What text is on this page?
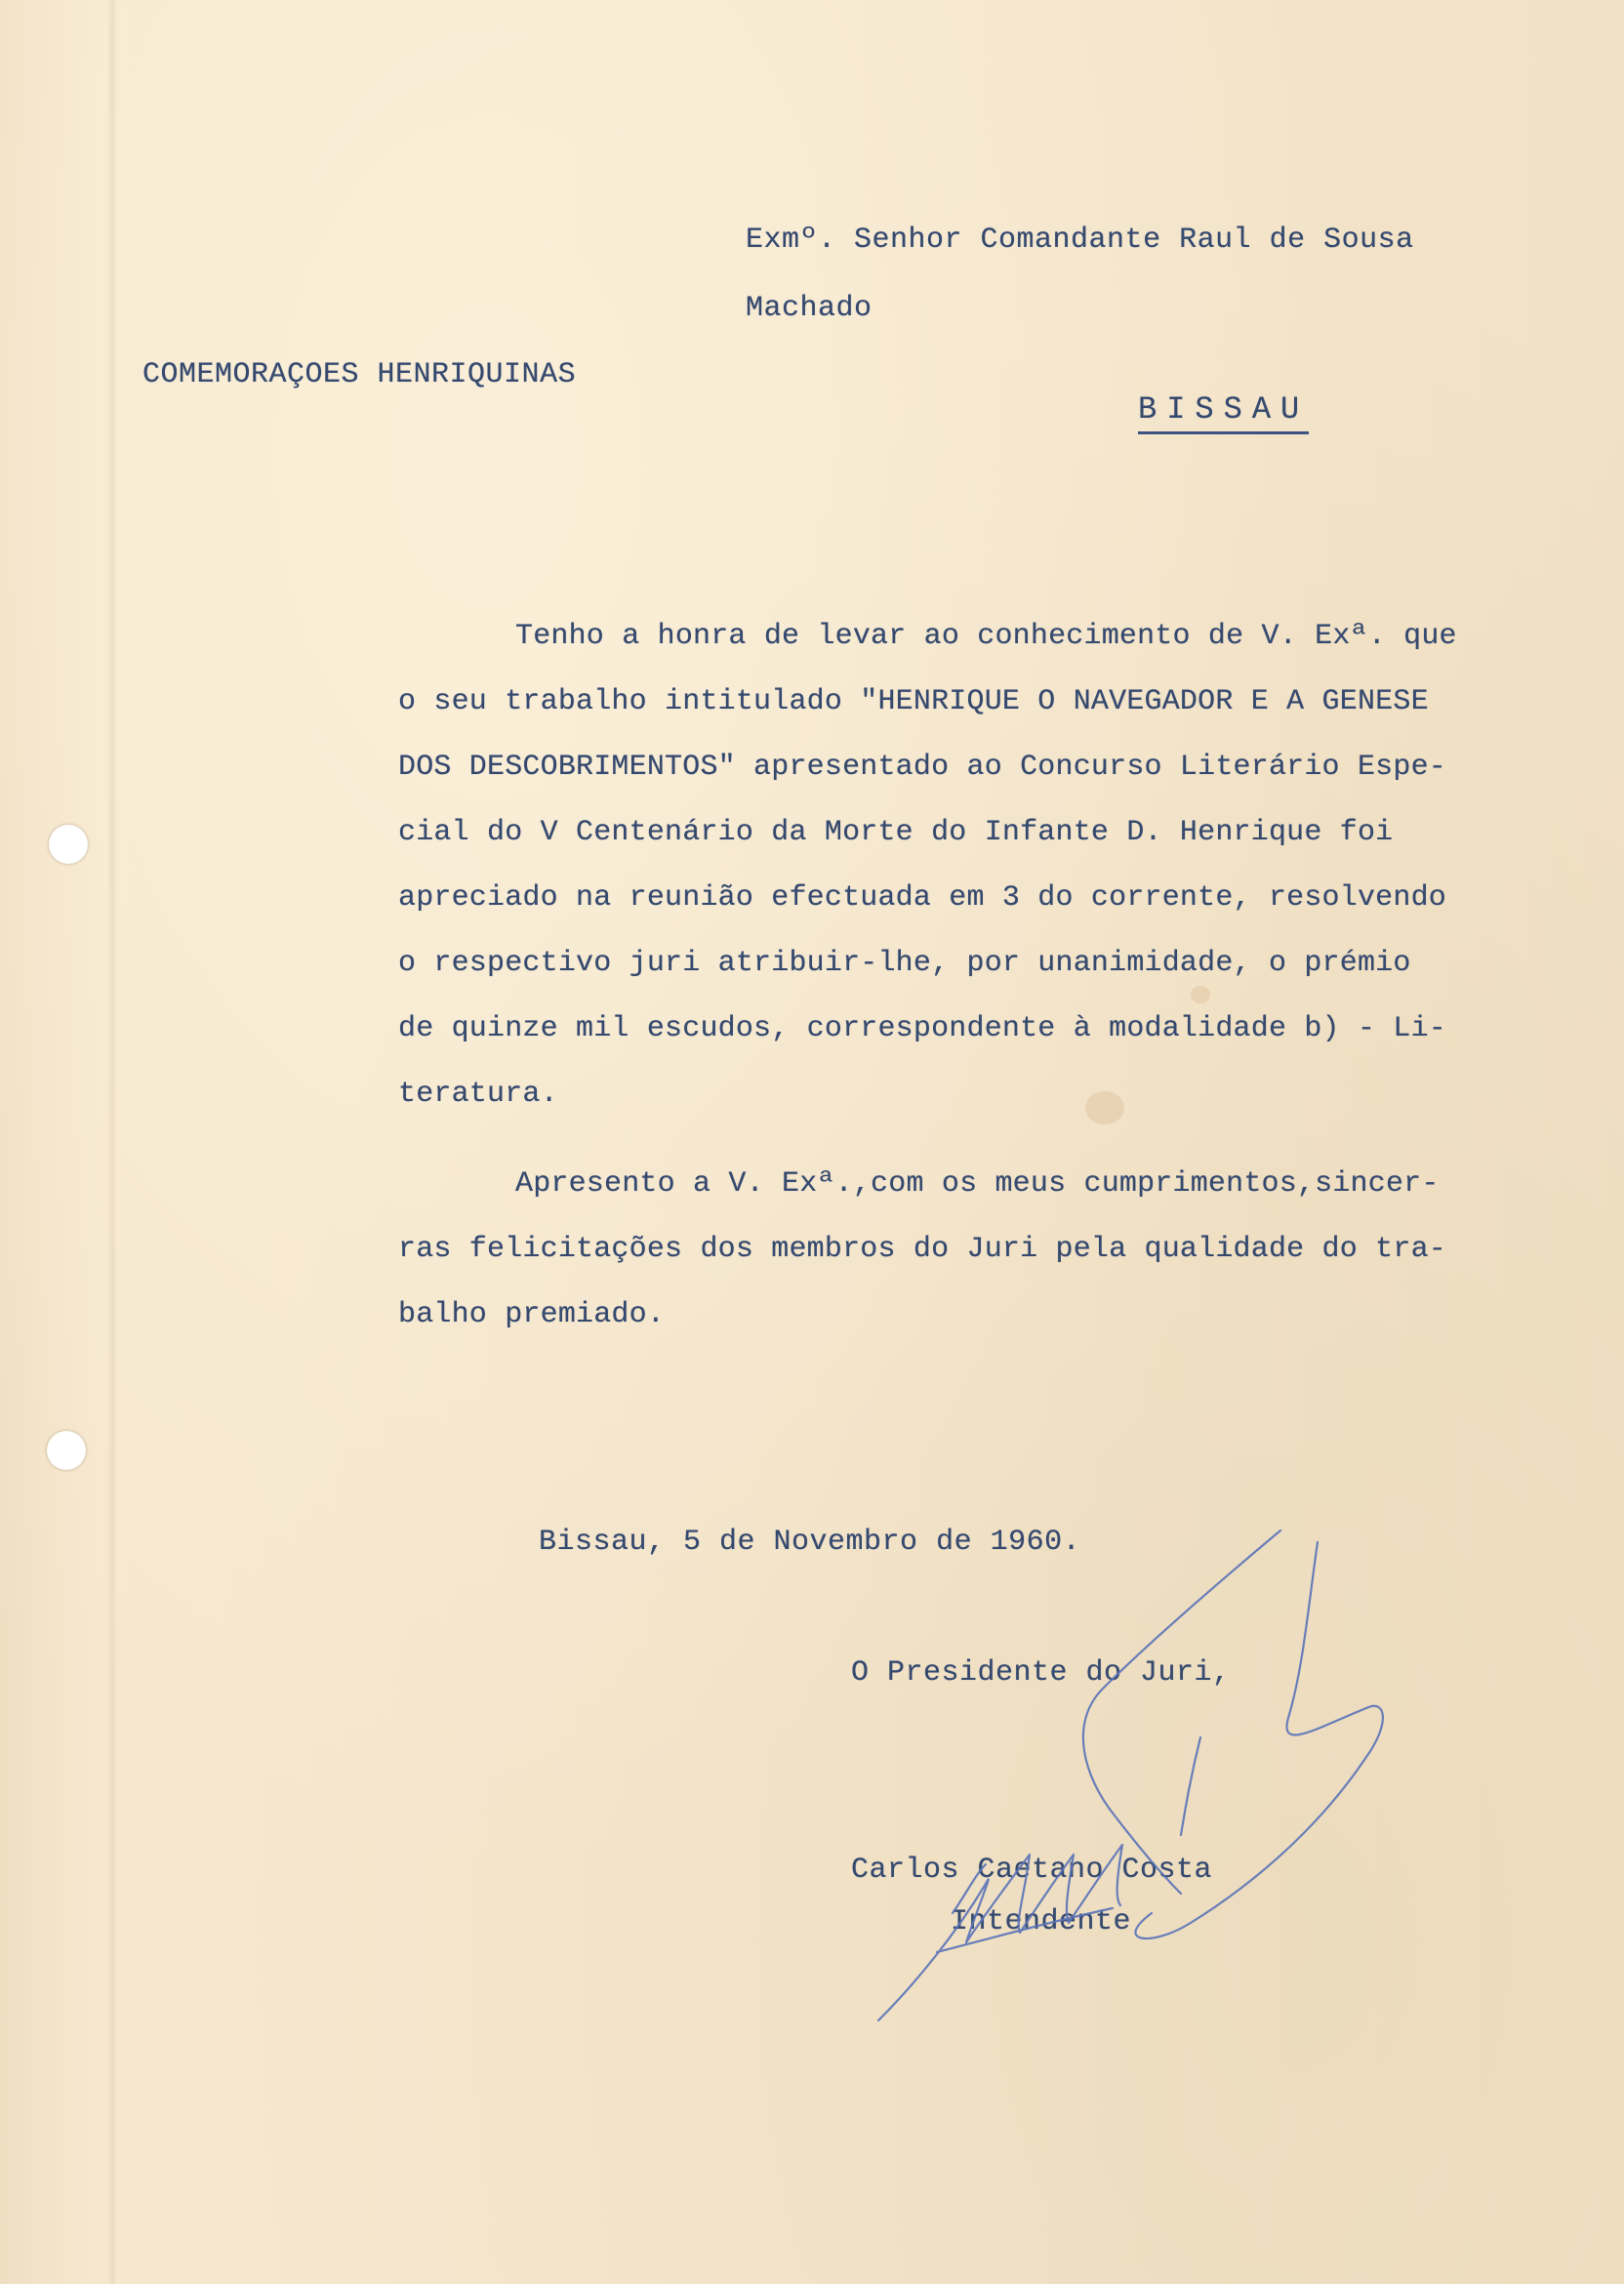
Exmº. Senhor Comandante Raul de Sousa
Machado
COMEMORAÇOES HENRIQUINAS
BISSAU
Tenho a honra de levar ao conhecimento de V. Exª. que
o seu trabalho intitulado "HENRIQUE O NAVEGADOR E A GENESE
DOS DESCOBRIMENTOS" apresentado ao Concurso Literário Espe-
cial do V Centenário da Morte do Infante D. Henrique foi
apreciado na reunião efectuada em 3 do corrente, resolvendo
o respectivo juri atribuir-lhe, por unanimidade, o prémio
de quinze mil escudos, correspondente à modalidade b) - Li-
teratura.
Apresento a V. Exª.,com os meus cumprimentos,sincer-
ras felicitações dos membros do Juri pela qualidade do tra-
balho premiado.
Bissau, 5 de Novembro de 1960.
O Presidente do Juri,
Carlos Caetano Costa
Intendente
